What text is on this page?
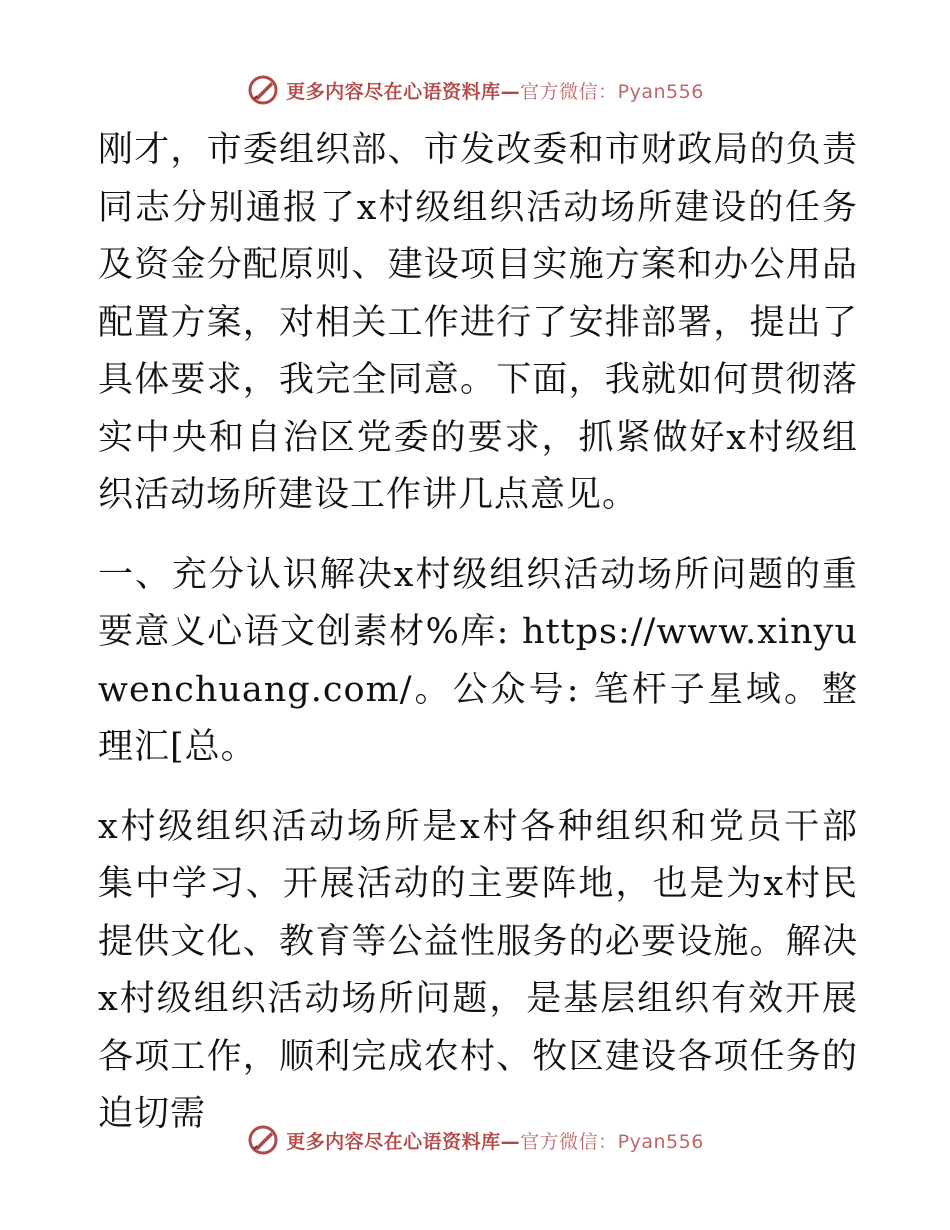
更多内容尽在心语资料库—官方微信：Pyan556

刚才，市委组织部、市发改委和市财政局的负责同志分别通报了x村级组织活动场所建设的任务及资金分配原则、建设项目实施方案和办公用品配置方案，对相关工作进行了安排部署，提出了具体要求，我完全同意。下面，我就如何贯彻落实中央和自治区党委的要求，抓紧做好x村级组织活动场所建设工作讲几点意见。

一、充分认识解决x村级组织活动场所问题的重要意义心语文创素材%库: https://www.xinyuwenchuang.com/。公众号: 笔杆子星域。整理汇[总。

x村级组织活动场所是x村各种组织和党员干部集中学习、开展活动的主要阵地，也是为x村民提供文化、教育等公益性服务的必要设施。解决x村级组织活动场所问题，是基层组织有效开展各项工作，顺利完成农村、牧区建设各项任务的迫切需

更多内容尽在心语资料库—官方微信：Pyan556
